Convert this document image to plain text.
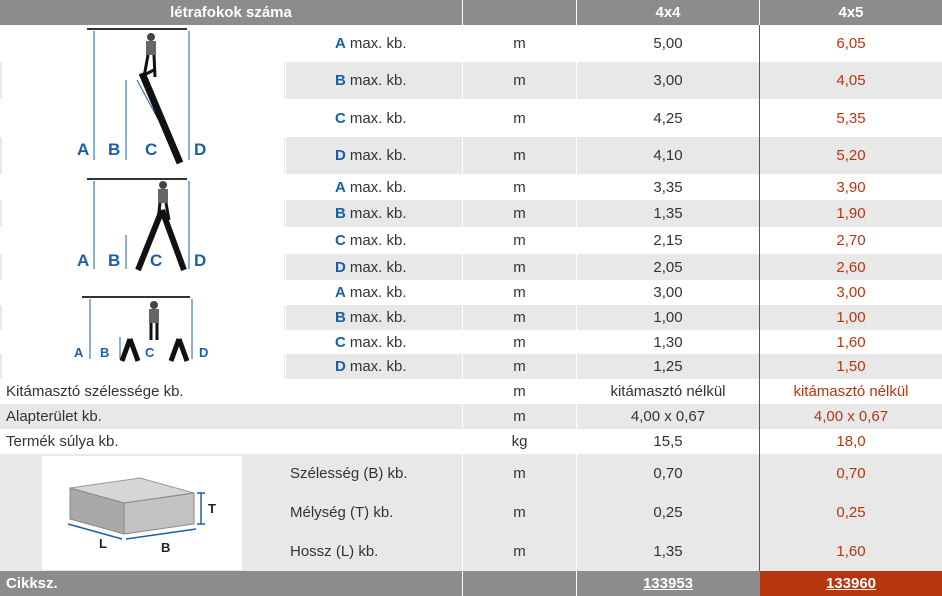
létrafokok száma	4x4	4x5
A max. kb.	m	5,00	6,05
B max. kb.	m	3,00	4,05
C max. kb.	m	4,25	5,35
D max. kb.	m	4,10	5,20
A max. kb.	m	3,35	3,90
B max. kb.	m	1,35	1,90
C max. kb.	m	2,15	2,70
D max. kb.	m	2,05	2,60
A max. kb.	m	3,00	3,00
B max. kb.	m	1,00	1,00
C max. kb.	m	1,30	1,60
D max. kb.	m	1,25	1,50
A B C D
A B C D
A B	C	D
Kitámasztó szélessége kb.	m	kitámasztó nélkül	kitámasztó nélkül
Alapterület kb.	m	4,00 x 0,67	4,00 x 0,67
Termék súlya kb.	kg	15,5	18,0
Szélesség (B) kb.	m	0,70	0,70
Mélység (T) kb.	m	0,25	0,25
Hossz (L) kb.	m	1,35	1,60
T
L	B
Cikksz.	133953	133960
